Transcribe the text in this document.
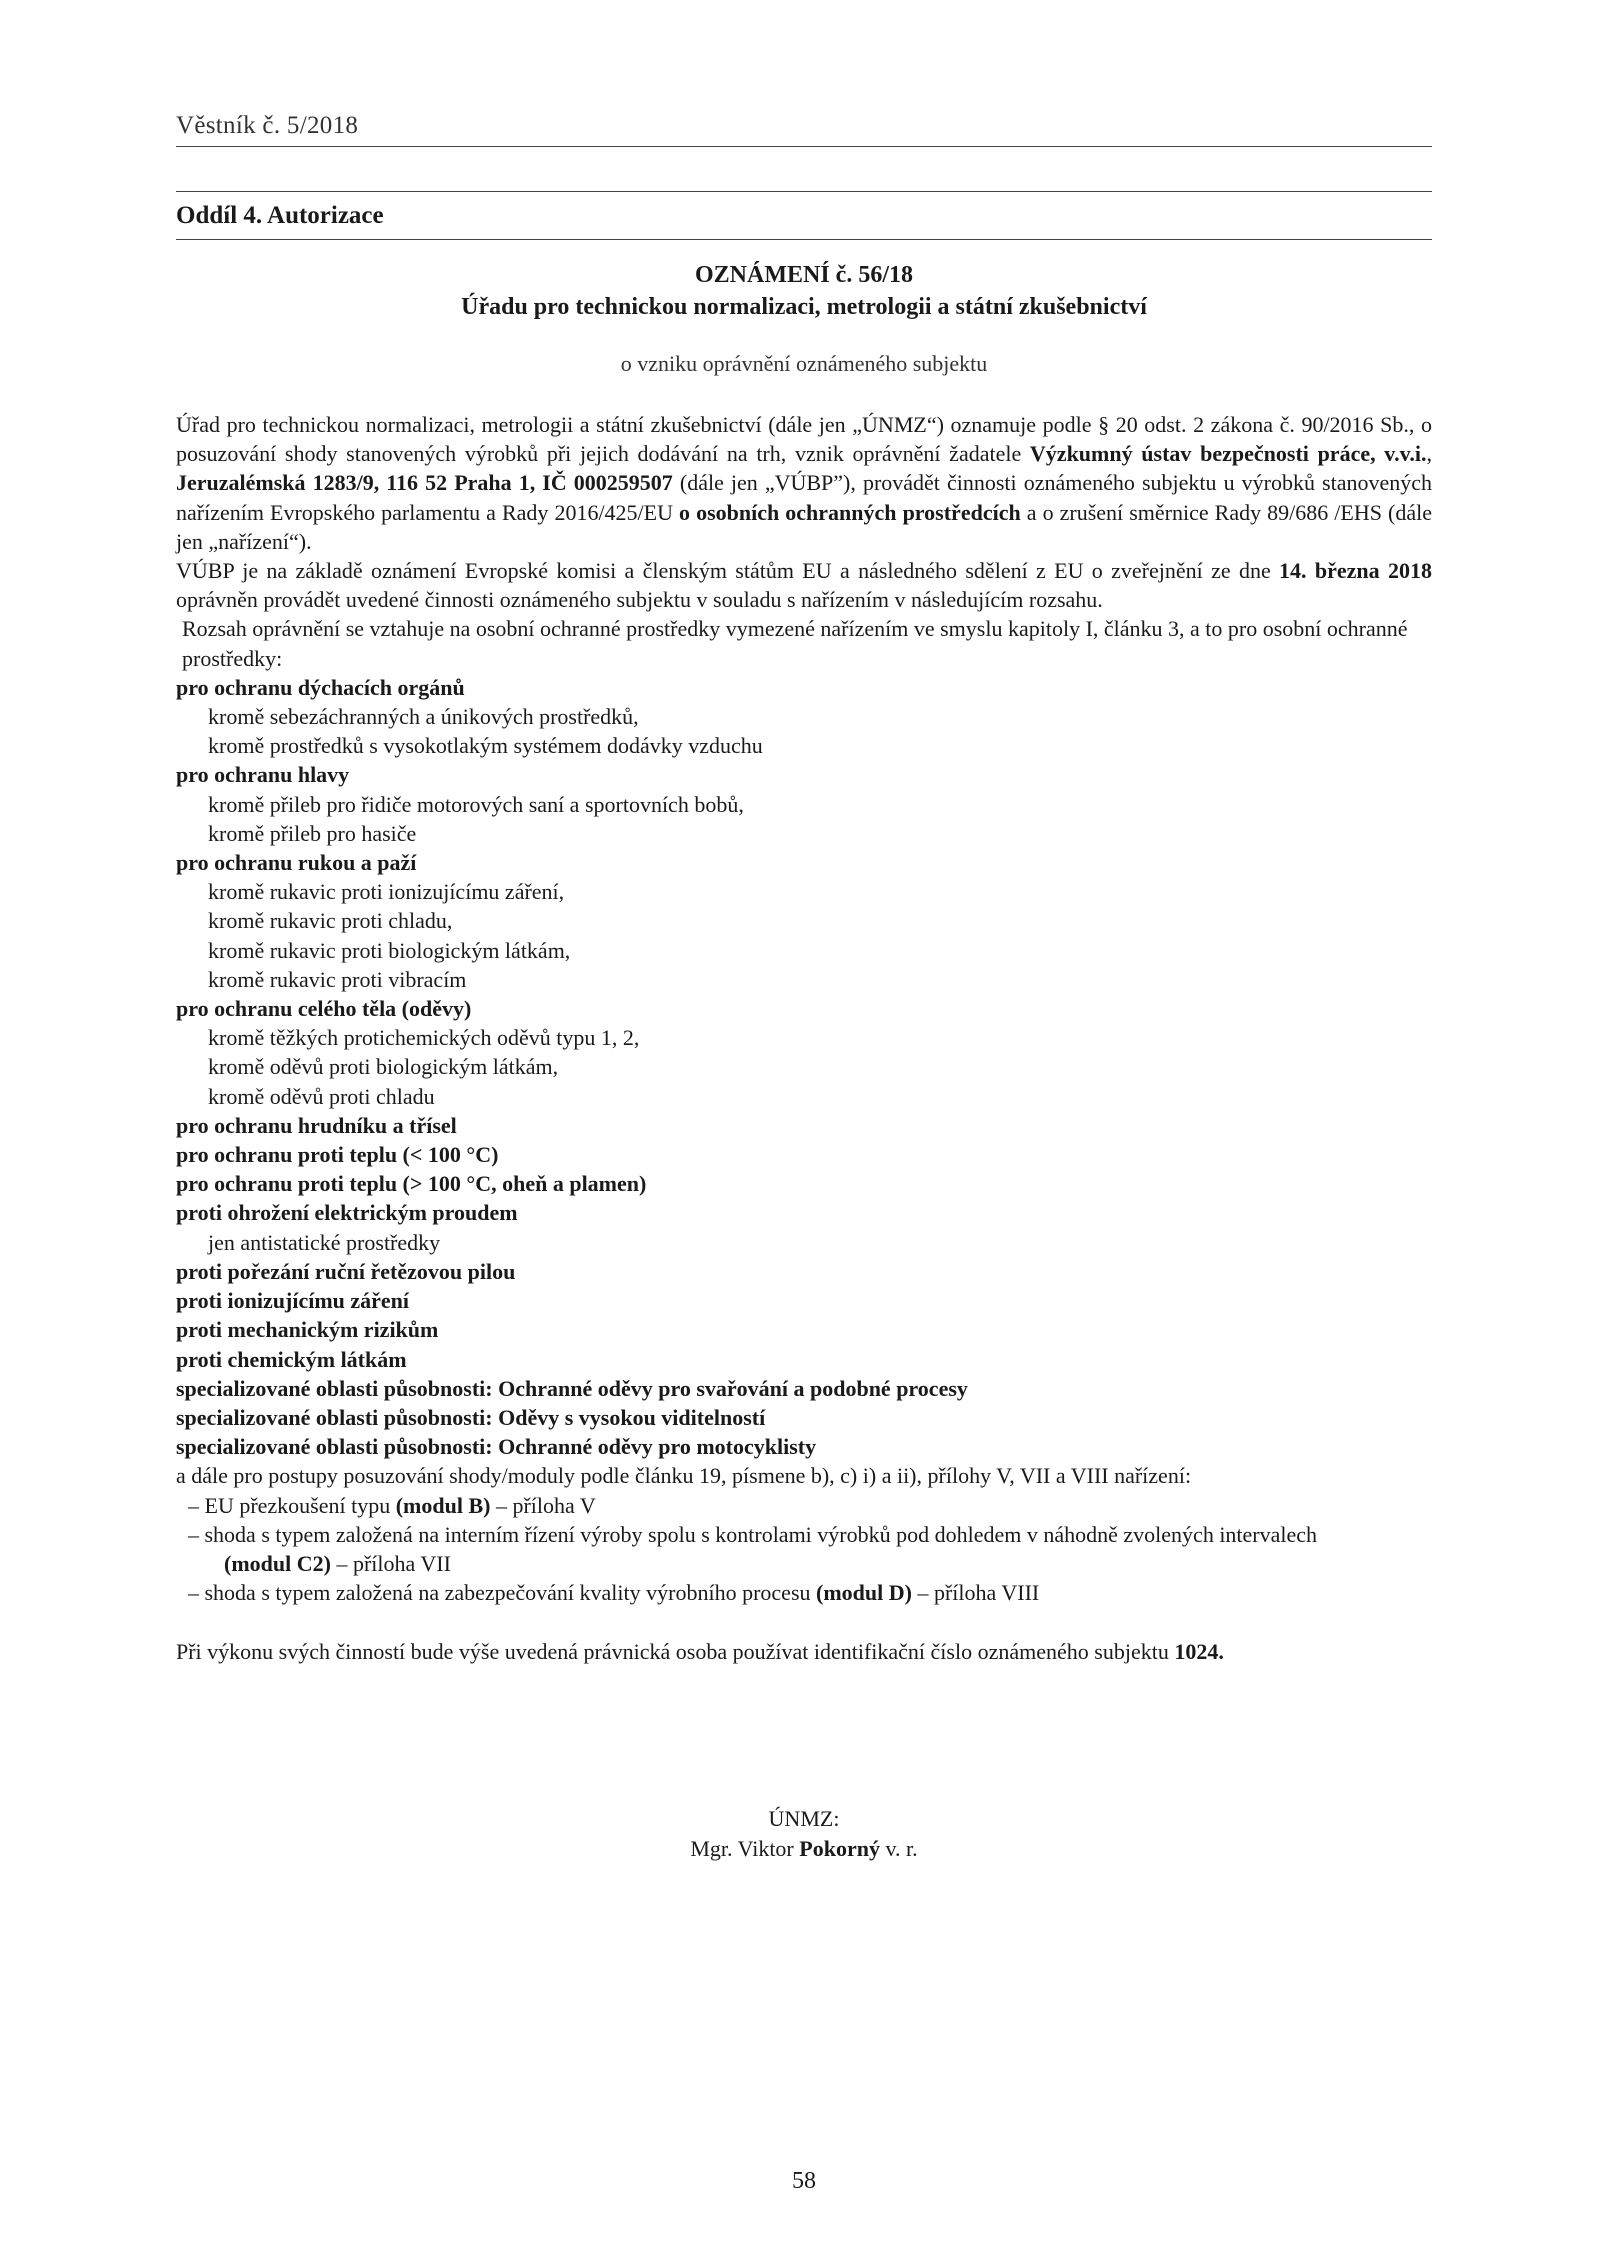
Věstník č. 5/2018
Oddíl 4. Autorizace
OZNÁMENÍ č. 56/18
Úřadu pro technickou normalizaci, metrologii a státní zkušebnictví
o vzniku oprávnění oznámeného subjektu

Úřad pro technickou normalizaci, metrologii a státní zkušebnictví (dále jen „ÚNMZ“) oznamuje podle § 20 odst. 2 zákona č. 90/2016 Sb., o posuzování shody stanovených výrobků při jejich dodávání na trh, vznik oprávnění žadatele Výzkumný ústav bezpečnosti práce, v.v.i., Jeruzalémská 1283/9, 116 52 Praha 1, IČ 000259507 (dále jen „VÚBP”), provádět činnosti oznámeného subjektu u výrobků stanovených nařízením Evropského parlamentu a Rady 2016/425/EU o osobních ochranných prostředcích a o zrušení směrnice Rady 89/686 /EHS (dále jen „nařízení“).

VÚBP je na základě oznámení Evropské komisi a členským státům EU a následného sdělení z EU o zveřejnění ze dne 14. března 2018 oprávněn provádět uvedené činnosti oznámeného subjektu v souladu s nařízením v následujícím rozsahu.

Rozsah oprávnění se vztahuje na osobní ochranné prostředky vymezené nařízením ve smyslu kapitoly I, článku 3, a to pro osobní ochranné prostředky:

pro ochranu dýchacích orgánů
kromě sebezáchranných a únikových prostředků,
kromě prostředků s vysokotlakým systémem dodávky vzduchu
pro ochranu hlavy
kromě přileb pro řidiče motorových saní a sportovních bobů,
kromě přileb pro hasiče
pro ochranu rukou a paží
kromě rukavic proti ionizujícímu záření,
kromě rukavic proti chladu,
kromě rukavic proti biologickým látkám,
kromě rukavic proti vibracím
pro ochranu celého těla (oděvy)
kromě těžkých protichemických oděvů typu 1, 2,
kromě oděvů proti biologickým látkám,
kromě oděvů proti chladu
pro ochranu hrudníku a třísel
pro ochranu proti teplu (< 100 °C)
pro ochranu proti teplu (> 100 °C, oheň a plamen)
proti ohrožení elektrickým proudem
jen antistatické prostředky
proti pořezání ruční řetězovou pilou
proti ionizujícímu záření
proti mechanickým rizikům
proti chemickým látkám
specializované oblasti působnosti: Ochranné oděvy pro svařování a podobné procesy
specializované oblasti působnosti: Oděvy s vysokou viditelností
specializované oblasti působnosti: Ochranné oděvy pro motocyklisty

a dále pro postupy posuzování shody/moduly podle článku 19, písmene b), c) i) a ii), přílohy V, VII a VIII nařízení:

– EU přezkoušení typu (modul B) – příloha V
– shoda s typem založená na interním řízení výroby spolu s kontrolami výrobků pod dohledem v náhodně zvolených intervalech
(modul C2) – příloha VII
– shoda s typem založená na zabezpečování kvality výrobního procesu (modul D) – příloha VIII

Při výkonu svých činností bude výše uvedená právnická osoba používat identifikační číslo oznámeného subjektu 1024.

ÚNMZ:
Mgr. Viktor Pokorný v. r.
58
